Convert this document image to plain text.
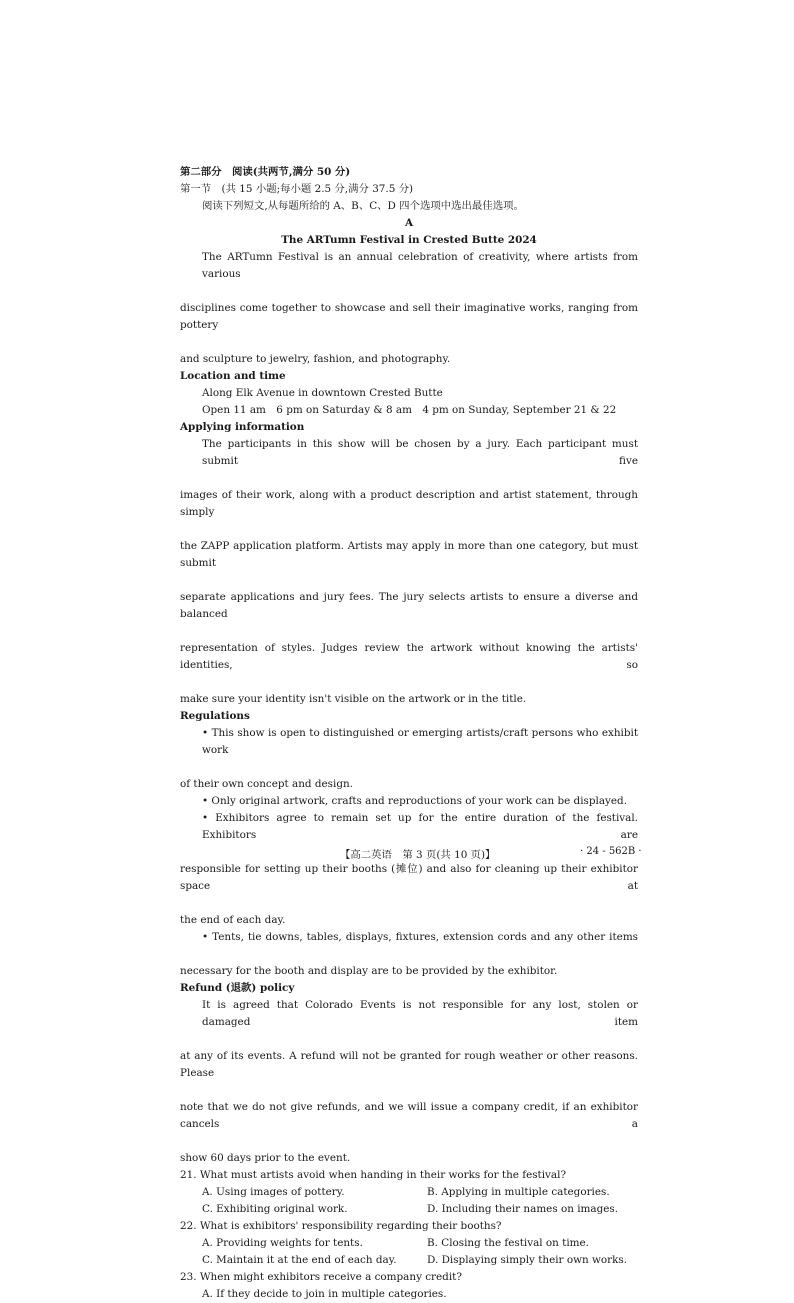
第二部分　阅读(共两节,满分 50 分)
第一节　(共 15 小题;每小题 2.5 分,满分 37.5 分)
阅读下列短文,从每题所给的 A、B、C、D 四个选项中选出最佳选项。
A
The ARTumn Festival in Crested Butte 2024
The ARTumn Festival is an annual celebration of creativity, where artists from various
disciplines come together to showcase and sell their imaginative works, ranging from pottery
and sculpture to jewelry, fashion, and photography.
Location and time
Along Elk Avenue in downtown Crested Butte
Open 11 am　6 pm on Saturday & 8 am　4 pm on Sunday, September 21 & 22
Applying information
The participants in this show will be chosen by a jury. Each participant must submit five
images of their work, along with a product description and artist statement, through simply
the ZAPP application platform. Artists may apply in more than one category, but must submit
separate applications and jury fees. The jury selects artists to ensure a diverse and balanced
representation of styles. Judges review the artwork without knowing the artists' identities, so
make sure your identity isn't visible on the artwork or in the title.
Regulations
• This show is open to distinguished or emerging artists/craft persons who exhibit work
of their own concept and design.
• Only original artwork, crafts and reproductions of your work can be displayed.
• Exhibitors agree to remain set up for the entire duration of the festival. Exhibitors are
responsible for setting up their booths (摊位) and also for cleaning up their exhibitor space at
the end of each day.
• Tents, tie downs, tables, displays, fixtures, extension cords and any other items
necessary for the booth and display are to be provided by the exhibitor.
Refund (退款) policy
It is agreed that Colorado Events is not responsible for any lost, stolen or damaged item
at any of its events. A refund will not be granted for rough weather or other reasons. Please
note that we do not give refunds, and we will issue a company credit, if an exhibitor cancels a
show 60 days prior to the event.
21. What must artists avoid when handing in their works for the festival?
A. Using images of pottery.	B. Applying in multiple categories.
C. Exhibiting original work.	D. Including their names on images.
22. What is exhibitors' responsibility regarding their booths?
A. Providing weights for tents.	B. Closing the festival on time.
C. Maintain it at the end of each day.	D. Displaying simply their own works.
23. When might exhibitors receive a company credit?
A. If they decide to join in multiple categories.
【高二英语　第 3 页(共 10 页)】	· 24 - 562B ·
